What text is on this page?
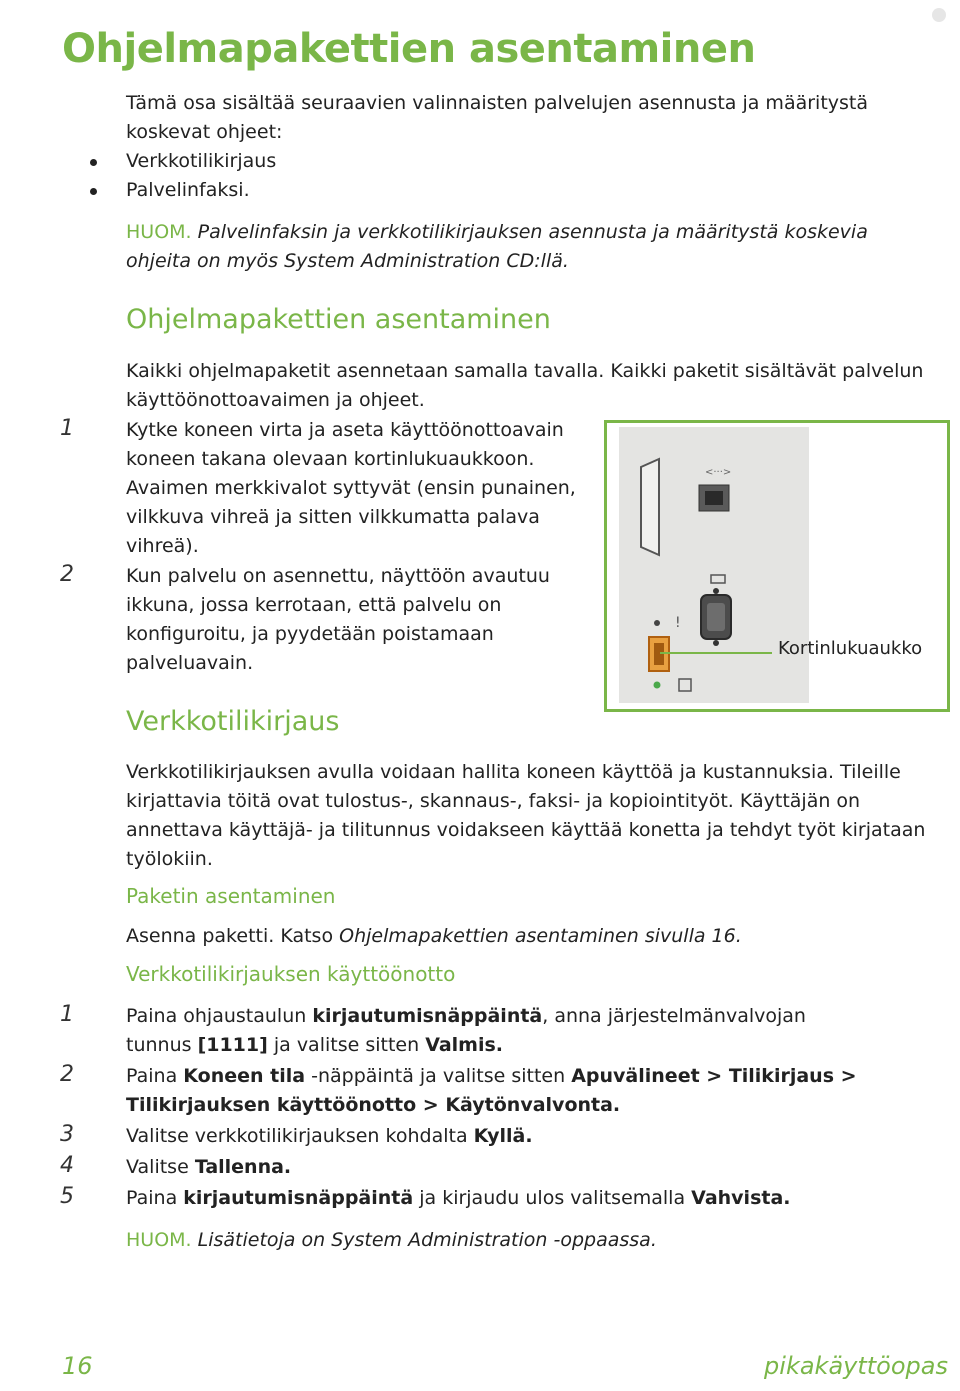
Ohjelmapakettien asentaminen
Tämä osa sisältää seuraavien valinnaisten palvelujen asennusta ja määritystä koskevat ohjeet:
Verkkotilikirjaus
Palvelinfaksi.
HUOM. Palvelinfaksin ja verkkotilikirjauksen asennusta ja määritystä koskevia ohjeita on myös System Administration CD:llä.
Ohjelmapakettien asentaminen
Kaikki ohjelmapaketit asennetaan samalla tavalla. Kaikki paketit sisältävät palvelun käyttöönottoavaimen ja ohjeet.
1	Kytke koneen virta ja aseta käyttöönottoavain koneen takana olevaan kortinlukuaukkoon. Avaimen merkkivalot syttyvät (ensin punainen, vilkkuva vihreä ja sitten vilkkumatta palava vihreä).
2	Kun palvelu on asennettu, näyttöön avautuu ikkuna, jossa kerrotaan, että palvelu on konfiguroitu, ja pyydetään poistamaan palveluavain.
<···>
!
Kortinlukuaukko
Verkkotilikirjaus
Verkkotilikirjauksen avulla voidaan hallita koneen käyttöä ja kustannuksia. Tileille kirjattavia töitä ovat tulostus-, skannaus-, faksi- ja kopiointityöt. Käyttäjän on annettava käyttäjä- ja tilitunnus voidakseen käyttää konetta ja tehdyt työt kirjataan työlokiin.
Paketin asentaminen
Asenna paketti. Katso Ohjelmapakettien asentaminen sivulla 16.
Verkkotilikirjauksen käyttöönotto
1	Paina ohjaustaulun kirjautumisnäppäintä, anna järjestelmänvalvojan tunnus [1111] ja valitse sitten Valmis.
2	Paina Koneen tila -näppäintä ja valitse sitten Apuvälineet > Tilikirjaus > Tilikirjauksen käyttöönotto > Käytönvalvonta.
3	Valitse verkkotilikirjauksen kohdalta Kyllä.
4	Valitse Tallenna.
5	Paina kirjautumisnäppäintä ja kirjaudu ulos valitsemalla Vahvista.
HUOM. Lisätietoja on System Administration -oppaassa.
16	pikakäyttöopas
